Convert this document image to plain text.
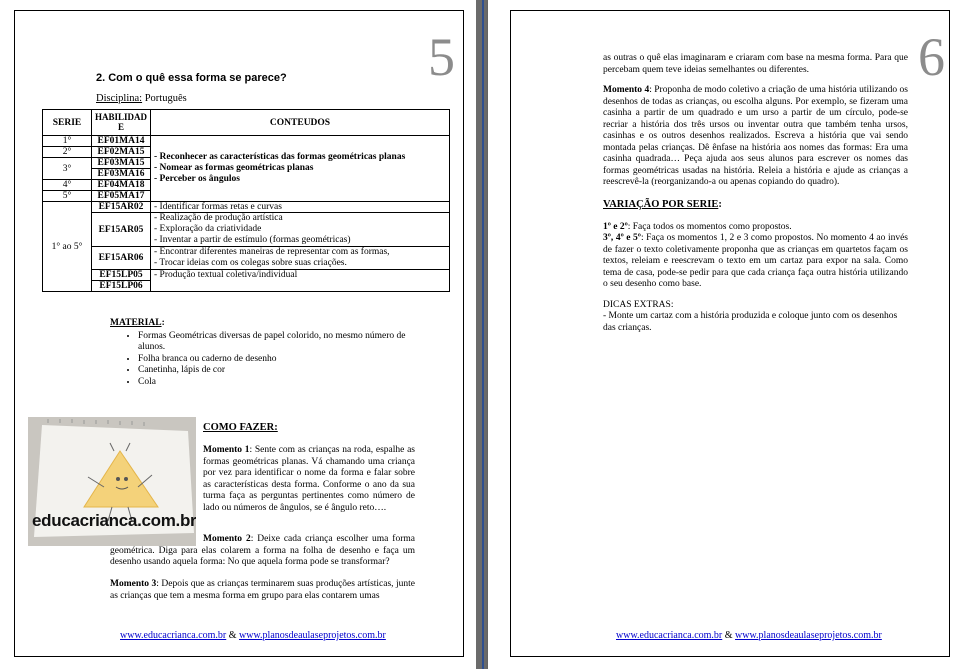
5
2. Com o quê essa forma se parece?
Disciplina: Português
SERIE	HABILIDAD E	CONTEUDOS
1°	EF01MA14	- Reconhecer as características das formas geométricas planas
- Nomear as formas geométricas planas
- Perceber os ângulos

2°	EF02MA15	
3°	EF03MA15	
	EF03MA16	
4°	EF04MA18	
5°	EF05MA17	
1° ao 5°	EF15AR02	- Identificar formas retas e curvas

	EF15AR05	- Realização de produção artística
- Exploração da criatividade
- Inventar a partir de estímulo (formas geométricas)

	EF15AR06	- Encontrar diferentes maneiras de representar com as formas,
- Trocar ideias com os colegas sobre suas criações.

	EF15LP05	- Produção textual coletiva/individual

	EF15LP06	
MATERIAL:
• Formas Geométricas diversas de papel colorido, no mesmo número de alunos.
• Folha branca ou caderno de desenho
• Canetinha, lápis de cor
• Cola
educacrianca.com.br
COMO FAZER:
Momento 1: Sente com as crianças na roda, espalhe as formas geométricas planas. Vá chamando uma criança por vez para identificar o nome da forma e falar sobre as características desta forma. Conforme o ano da sua turma faça as perguntas pertinentes como número de lado ou números de ângulos, se é ângulo reto….
Momento 2: Deixe cada criança escolher uma forma geométrica. Diga para elas colarem a forma na folha de desenho e faça um desenho usando aquela forma: No que aquela forma pode se transformar?
Momento 3: Depois que as crianças terminarem suas produções artísticas, junte as crianças que tem a mesma forma em grupo para elas contarem umas
www.educacrianca.com.br & www.planosdeaulaseprojetos.com.br
6
as outras o quê elas imaginaram e criaram com base na mesma forma. Para que percebam quem teve ideias semelhantes ou diferentes.
Momento 4: Proponha de modo coletivo a criação de uma história utilizando os desenhos de todas as crianças, ou escolha alguns. Por exemplo, se fizeram uma casinha a partir de um quadrado e um urso a partir de um círculo, pode-se recriar a história dos três ursos ou inventar outra que também tenha ursos, casinhas e os outros desenhos realizados. Escreva a história que vai sendo montada pelas crianças. Dê ênfase na história aos nomes das formas: Era uma casinha quadrada… Peça ajuda aos seus alunos para escrever os nomes das formas geométricas usadas na história. Releia a história e ajude as crianças a reescrevê-la (reorganizando-a ou apenas copiando do quadro).
VARIAÇÃO POR SERIE:
1º e 2º: Faça todos os momentos como propostos.
3º, 4º e 5º: Faça os momentos 1, 2 e 3 como propostos. No momento 4 ao invés de fazer o texto coletivamente proponha que as crianças em quartetos façam os textos, releiam e reescrevam o texto em um cartaz para expor na sala. Como tema de casa, pode-se pedir para que cada criança faça outra história utilizando o seu desenho como base.
DICAS EXTRAS:
- Monte um cartaz com a história produzida e coloque junto com os desenhos das crianças.
www.educacrianca.com.br & www.planosdeaulaseprojetos.com.br
